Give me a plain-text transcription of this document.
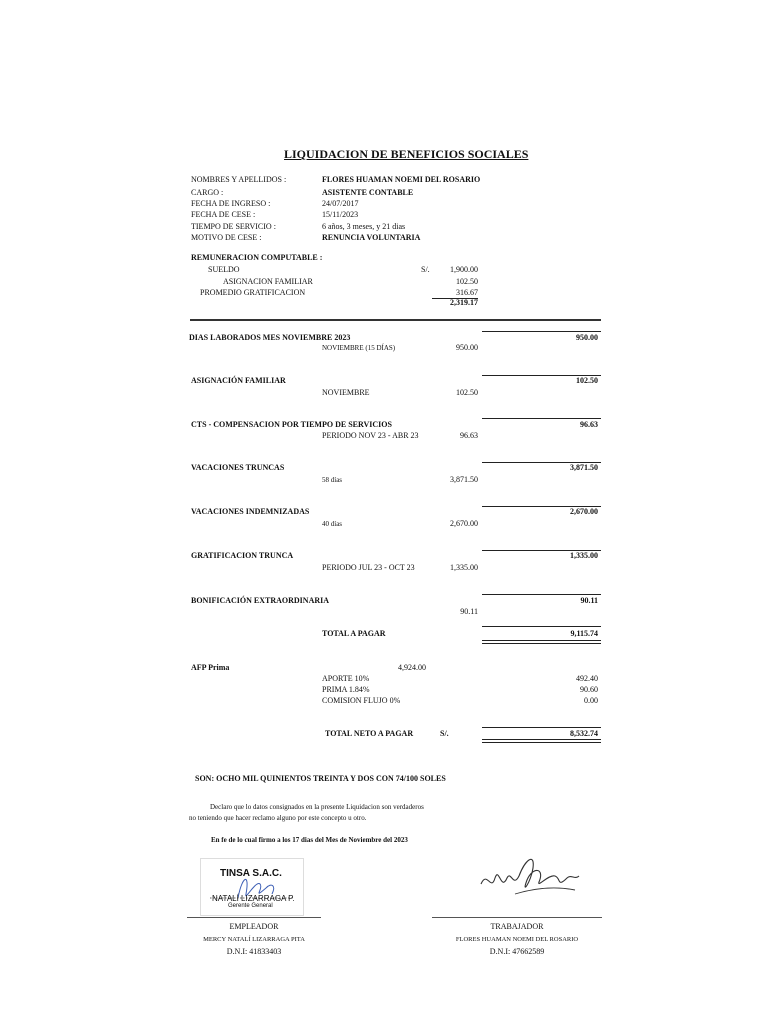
LIQUIDACION DE BENEFICIOS SOCIALES
NOMBRES Y APELLIDOS :	FLORES HUAMAN NOEMI DEL ROSARIO
CARGO :	ASISTENTE CONTABLE
FECHA DE INGRESO :	24/07/2017
FECHA DE CESE :	15/11/2023
TIEMPO DE SERVICIO :	6 años, 3 meses, y 21 dias
MOTIVO DE CESE :	RENUNCIA VOLUNTARIA
REMUNERACION COMPUTABLE :
SUELDO	S/.	1,900.00
ASIGNACION FAMILIAR	102.50
PROMEDIO GRATIFICACION	316.67
2,319.17
DIAS LABORADOS MES NOVIEMBRE 2023	950.00
NOVIEMBRE (15 DÍAS)	950.00
ASIGNACIÓN FAMILIAR	102.50
NOVIEMBRE	102.50
CTS - COMPENSACION POR TIEMPO DE SERVICIOS	96.63
PERIODO NOV 23 - ABR 23	96.63
VACACIONES TRUNCAS	3,871.50
58 días	3,871.50
VACACIONES INDEMNIZADAS	2,670.00
40 días	2,670.00
GRATIFICACION TRUNCA	1,335.00
PERIODO JUL 23 - OCT 23	1,335.00
BONIFICACIÓN EXTRAORDINARIA	90.11
90.11
TOTAL A PAGAR	9,115.74
AFP Prima	4,924.00
APORTE 10%	492.40
PRIMA 1.84%	90.60
COMISION FLUJO 0%	0.00
TOTAL NETO A PAGAR	S/.	8,532.74
SON: OCHO MIL QUINIENTOS TREINTA Y DOS CON 74/100 SOLES
Declaro que lo datos consignados en la presente Liquidacion son verdaderos
no teniendo que hacer reclamo alguno por este concepto u otro.
En fe de lo cual firmo a los 17 dias del Mes de Noviembre del 2023
TINSA S.A.C.
NATALÍ LIZARRAGA P.
Gerente General
EMPLEADOR
MERCY NATALÍ LIZARRAGA PITA
D.N.I: 41833403
TRABAJADOR
FLORES HUAMAN NOEMI DEL ROSARIO
D.N.I: 47662589
